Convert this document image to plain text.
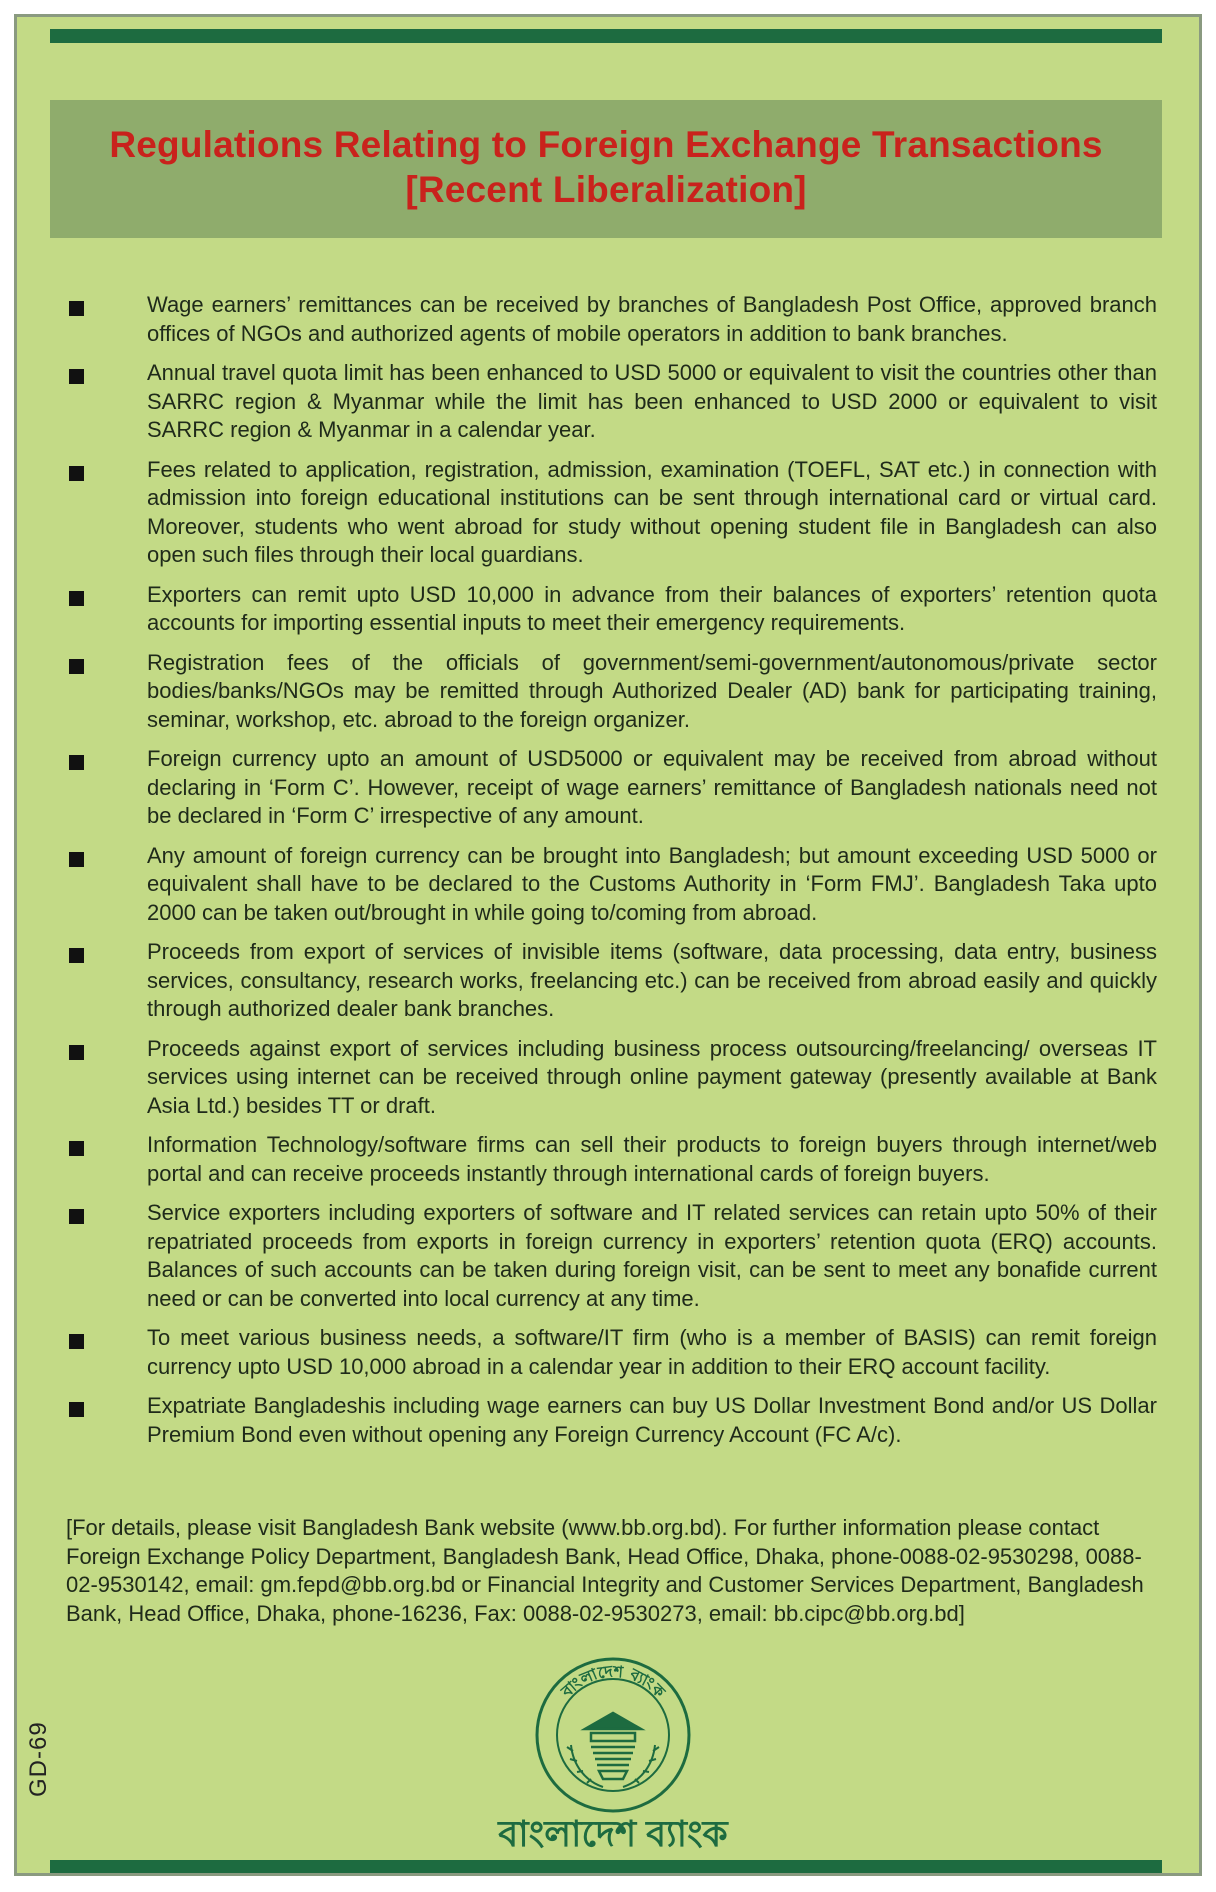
Regulations Relating to Foreign Exchange Transactions
[Recent Liberalization]
Wage earners’ remittances can be received by branches of Bangladesh Post Office, approved branch offices of NGOs and authorized agents of mobile operators in addition to bank branches.
Annual travel quota limit has been enhanced to USD 5000 or equivalent to visit the countries other than SARRC region & Myanmar while the limit has been enhanced to USD 2000 or equivalent to visit SARRC region & Myanmar in a calendar year.
Fees related to application, registration, admission, examination (TOEFL, SAT etc.) in connection with admission into foreign educational institutions can be sent through international card or virtual card. Moreover, students who went abroad for study without opening student file in Bangladesh can also open such files through their local guardians.
Exporters can remit upto USD 10,000 in advance from their balances of exporters’ retention quota accounts for importing essential inputs to meet their emergency requirements.
Registration fees of the officials of government/semi-government/autonomous/private sector bodies/banks/NGOs may be remitted through Authorized Dealer (AD) bank for participating training, seminar, workshop, etc. abroad to the foreign organizer.
Foreign currency upto an amount of USD5000 or equivalent may be received from abroad without declaring in ‘Form C’. However, receipt of wage earners’ remittance of Bangladesh nationals need not be declared in ‘Form C’ irrespective of any amount.
Any amount of foreign currency can be brought into Bangladesh; but amount exceeding USD 5000 or equivalent shall have to be declared to the Customs Authority in ‘Form FMJ’. Bangladesh Taka upto 2000 can be taken out/brought in while going to/coming from abroad.
Proceeds from export of services of invisible items (software, data processing, data entry, business services, consultancy, research works, freelancing etc.) can be received from abroad easily and quickly through authorized dealer bank branches.
Proceeds against export of services including business process outsourcing/freelancing/ overseas IT services using internet can be received through online payment gateway (presently available at Bank Asia Ltd.) besides TT or draft.
Information Technology/software firms can sell their products to foreign buyers through internet/web portal and can receive proceeds instantly through international cards of foreign buyers.
Service exporters including exporters of software and IT related services can retain upto 50% of their repatriated proceeds from exports in foreign currency in exporters’ retention quota (ERQ) accounts. Balances of such accounts can be taken during foreign visit, can be sent to meet any bonafide current need or can be converted into local currency at any time.
To meet various business needs, a software/IT firm (who is a member of BASIS) can remit foreign currency upto USD 10,000 abroad in a calendar year in addition to their ERQ account facility.
Expatriate Bangladeshis including wage earners can buy US Dollar Investment Bond and/or US Dollar Premium Bond even without opening any Foreign Currency Account (FC A/c).
[For details, please visit Bangladesh Bank website (www.bb.org.bd). For further information please contact Foreign Exchange Policy Department, Bangladesh Bank, Head Office, Dhaka, phone-0088-02-9530298, 0088-02-9530142, email: gm.fepd@bb.org.bd or Financial Integrity and Customer Services Department, Bangladesh Bank, Head Office, Dhaka, phone-16236, Fax: 0088-02-9530273, email: bb.cipc@bb.org.bd]
GD-69
বাংলাদেশ ব্যাংক
বাংলাদেশ ব্যাংক
